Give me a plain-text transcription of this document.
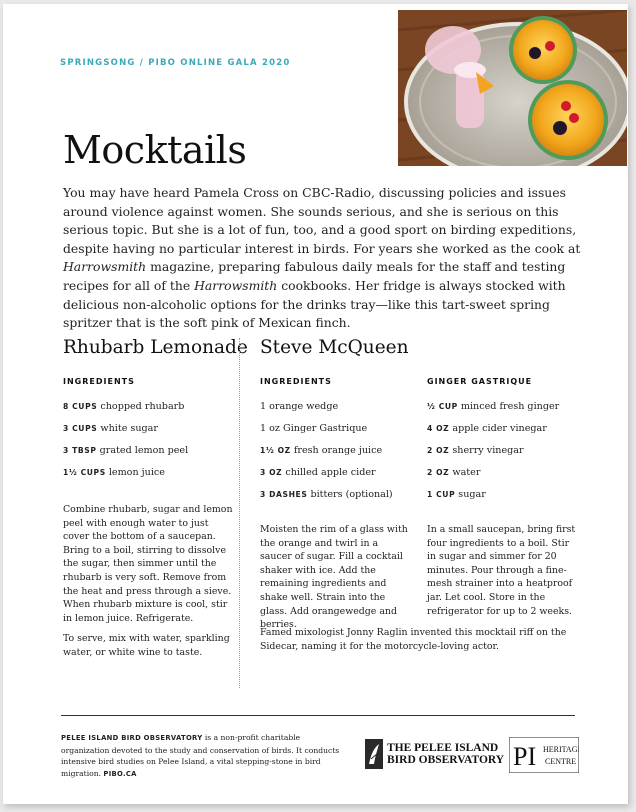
SPRINGSONG / PIBO ONLINE GALA 2020
Mocktails
You may have heard Pamela Cross on CBC-Radio, discussing policies and issues around violence against women. She sounds serious, and she is serious on this serious topic. But she is a lot of fun, too, and a good sport on birding expeditions, despite having no particular interest in birds. For years she worked as the cook at Harrowsmith magazine, preparing fabulous daily meals for the staff and testing recipes for all of the Harrowsmith cookbooks. Her fridge is always stocked with delicious non-alcoholic options for the drinks tray—like this tart-sweet spring spritzer that is the soft pink of Mexican finch.
Rhubarb Lemonade
INGREDIENTS
8 CUPS chopped rhubarb
3 CUPS white sugar
3 TBSP grated lemon peel
1½ CUPS lemon juice
Combine rhubarb, sugar and lemon peel with enough water to just cover the bottom of a saucepan. Bring to a boil, stirring to dissolve the sugar, then simmer until the rhubarb is very soft. Remove from the heat and press through a sieve. When rhubarb mixture is cool, stir in lemon juice. Refrigerate.
To serve, mix with water, sparkling water, or white wine to taste.
Steve McQueen
INGREDIENTS
1 orange wedge
1 oz Ginger Gastrique
1½ OZ fresh orange juice
3 OZ chilled apple cider
3 DASHES bitters (optional)
Moisten the rim of a glass with the orange and twirl in a saucer of sugar. Fill a cocktail shaker with ice. Add the remaining ingredients and shake well. Strain into the glass. Add orangewedge and berries.
GINGER GASTRIQUE
½ CUP minced fresh ginger
4 OZ apple cider vinegar
2 OZ sherry vinegar
2 OZ water
1 CUP sugar
In a small saucepan, bring first four ingredients to a boil. Stir in sugar and simmer for 20 minutes. Pour through a fine-mesh strainer into a heatproof jar. Let cool. Store in the refrigerator for up to 2 weeks.
Famed mixologist Jonny Raglin invented this mocktail riff on the Sidecar, naming it for the motorcycle-loving actor.
PELEE ISLAND BIRD OBSERVATORY is a non-profit charitable organization devoted to the study and conservation of birds. It conducts intensive bird studies on Pelee Island, a vital stepping-stone in bird migration. PIBO.CA
THE PELEE ISLAND
BIRD OBSERVATORY PI HERITAGE
CENTRE
